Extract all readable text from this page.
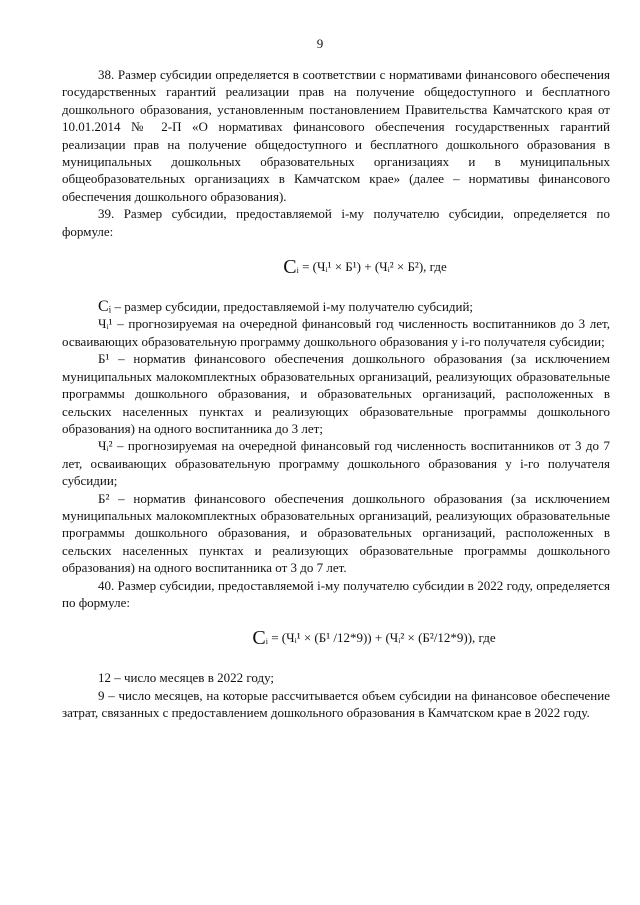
9

38. Размер субсидии определяется в соответствии с нормативами финансового обеспечения государственных гарантий реализации прав на получение общедоступного и бесплатного дошкольного образования, установленным постановлением Правительства Камчатского края от 10.01.2014 № 2-П «О нормативах финансового обеспечения государственных гарантий реализации прав на получение общедоступного и бесплатного дошкольного образования в муниципальных дошкольных образовательных организациях и в муниципальных общеобразовательных организациях в Камчатском крае» (далее – нормативы финансового обеспечения дошкольного образования).

39. Размер субсидии, предоставляемой i-му получателю субсидии, определяется по формуле:

$C_i$ = (Чᵢ¹ × Б¹) + (Чᵢ² × Б²), где

Cᵢ – размер субсидии, предоставляемой i-му получателю субсидий;

Чᵢ¹ – прогнозируемая на очередной финансовый год численность воспитанников до 3 лет, осваивающих образовательную программу дошкольного образования у i-го получателя субсидии;

Б¹ – норматив финансового обеспечения дошкольного образования (за исключением муниципальных малокомплектных образовательных организаций, реализующих образовательные программы дошкольного образования, и образовательных организаций, расположенных в сельских населенных пунктах и реализующих образовательные программы дошкольного образования) на одного воспитанника до 3 лет;

Чᵢ² – прогнозируемая на очередной финансовый год численность воспитанников от 3 до 7 лет, осваивающих образовательную программу дошкольного образования у i-го получателя субсидии;

Б² – норматив финансового обеспечения дошкольного образования (за исключением муниципальных малокомплектных образовательных организаций, реализующих образовательные программы дошкольного образования, и образовательных организаций, расположенных в сельских населенных пунктах и реализующих образовательные программы дошкольного образования) на одного воспитанника от 3 до 7 лет.

40. Размер субсидии, предоставляемой i-му получателю субсидии в 2022 году, определяется по формуле:

$C_i$ = (Чᵢ¹ × (Б¹ /12*9)) + (Чᵢ² × (Б²/12*9)), где

12 – число месяцев в 2022 году;

9 – число месяцев, на которые рассчитывается объем субсидии на финансовое обеспечение затрат, связанных с предоставлением дошкольного образования в Камчатском крае в 2022 году.
